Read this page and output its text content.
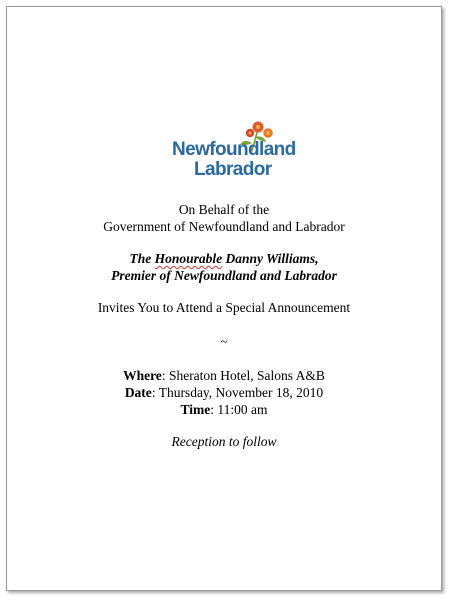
Newfoundland
Labrador

On Behalf of the

Government of Newfoundland and Labrador

The Honourable Danny Williams,

Premier of Newfoundland and Labrador

Invites You to Attend a Special Announcement

~

Where: Sheraton Hotel, Salons A&B

Date: Thursday, November 18, 2010

Time: 11:00 am

Reception to follow
